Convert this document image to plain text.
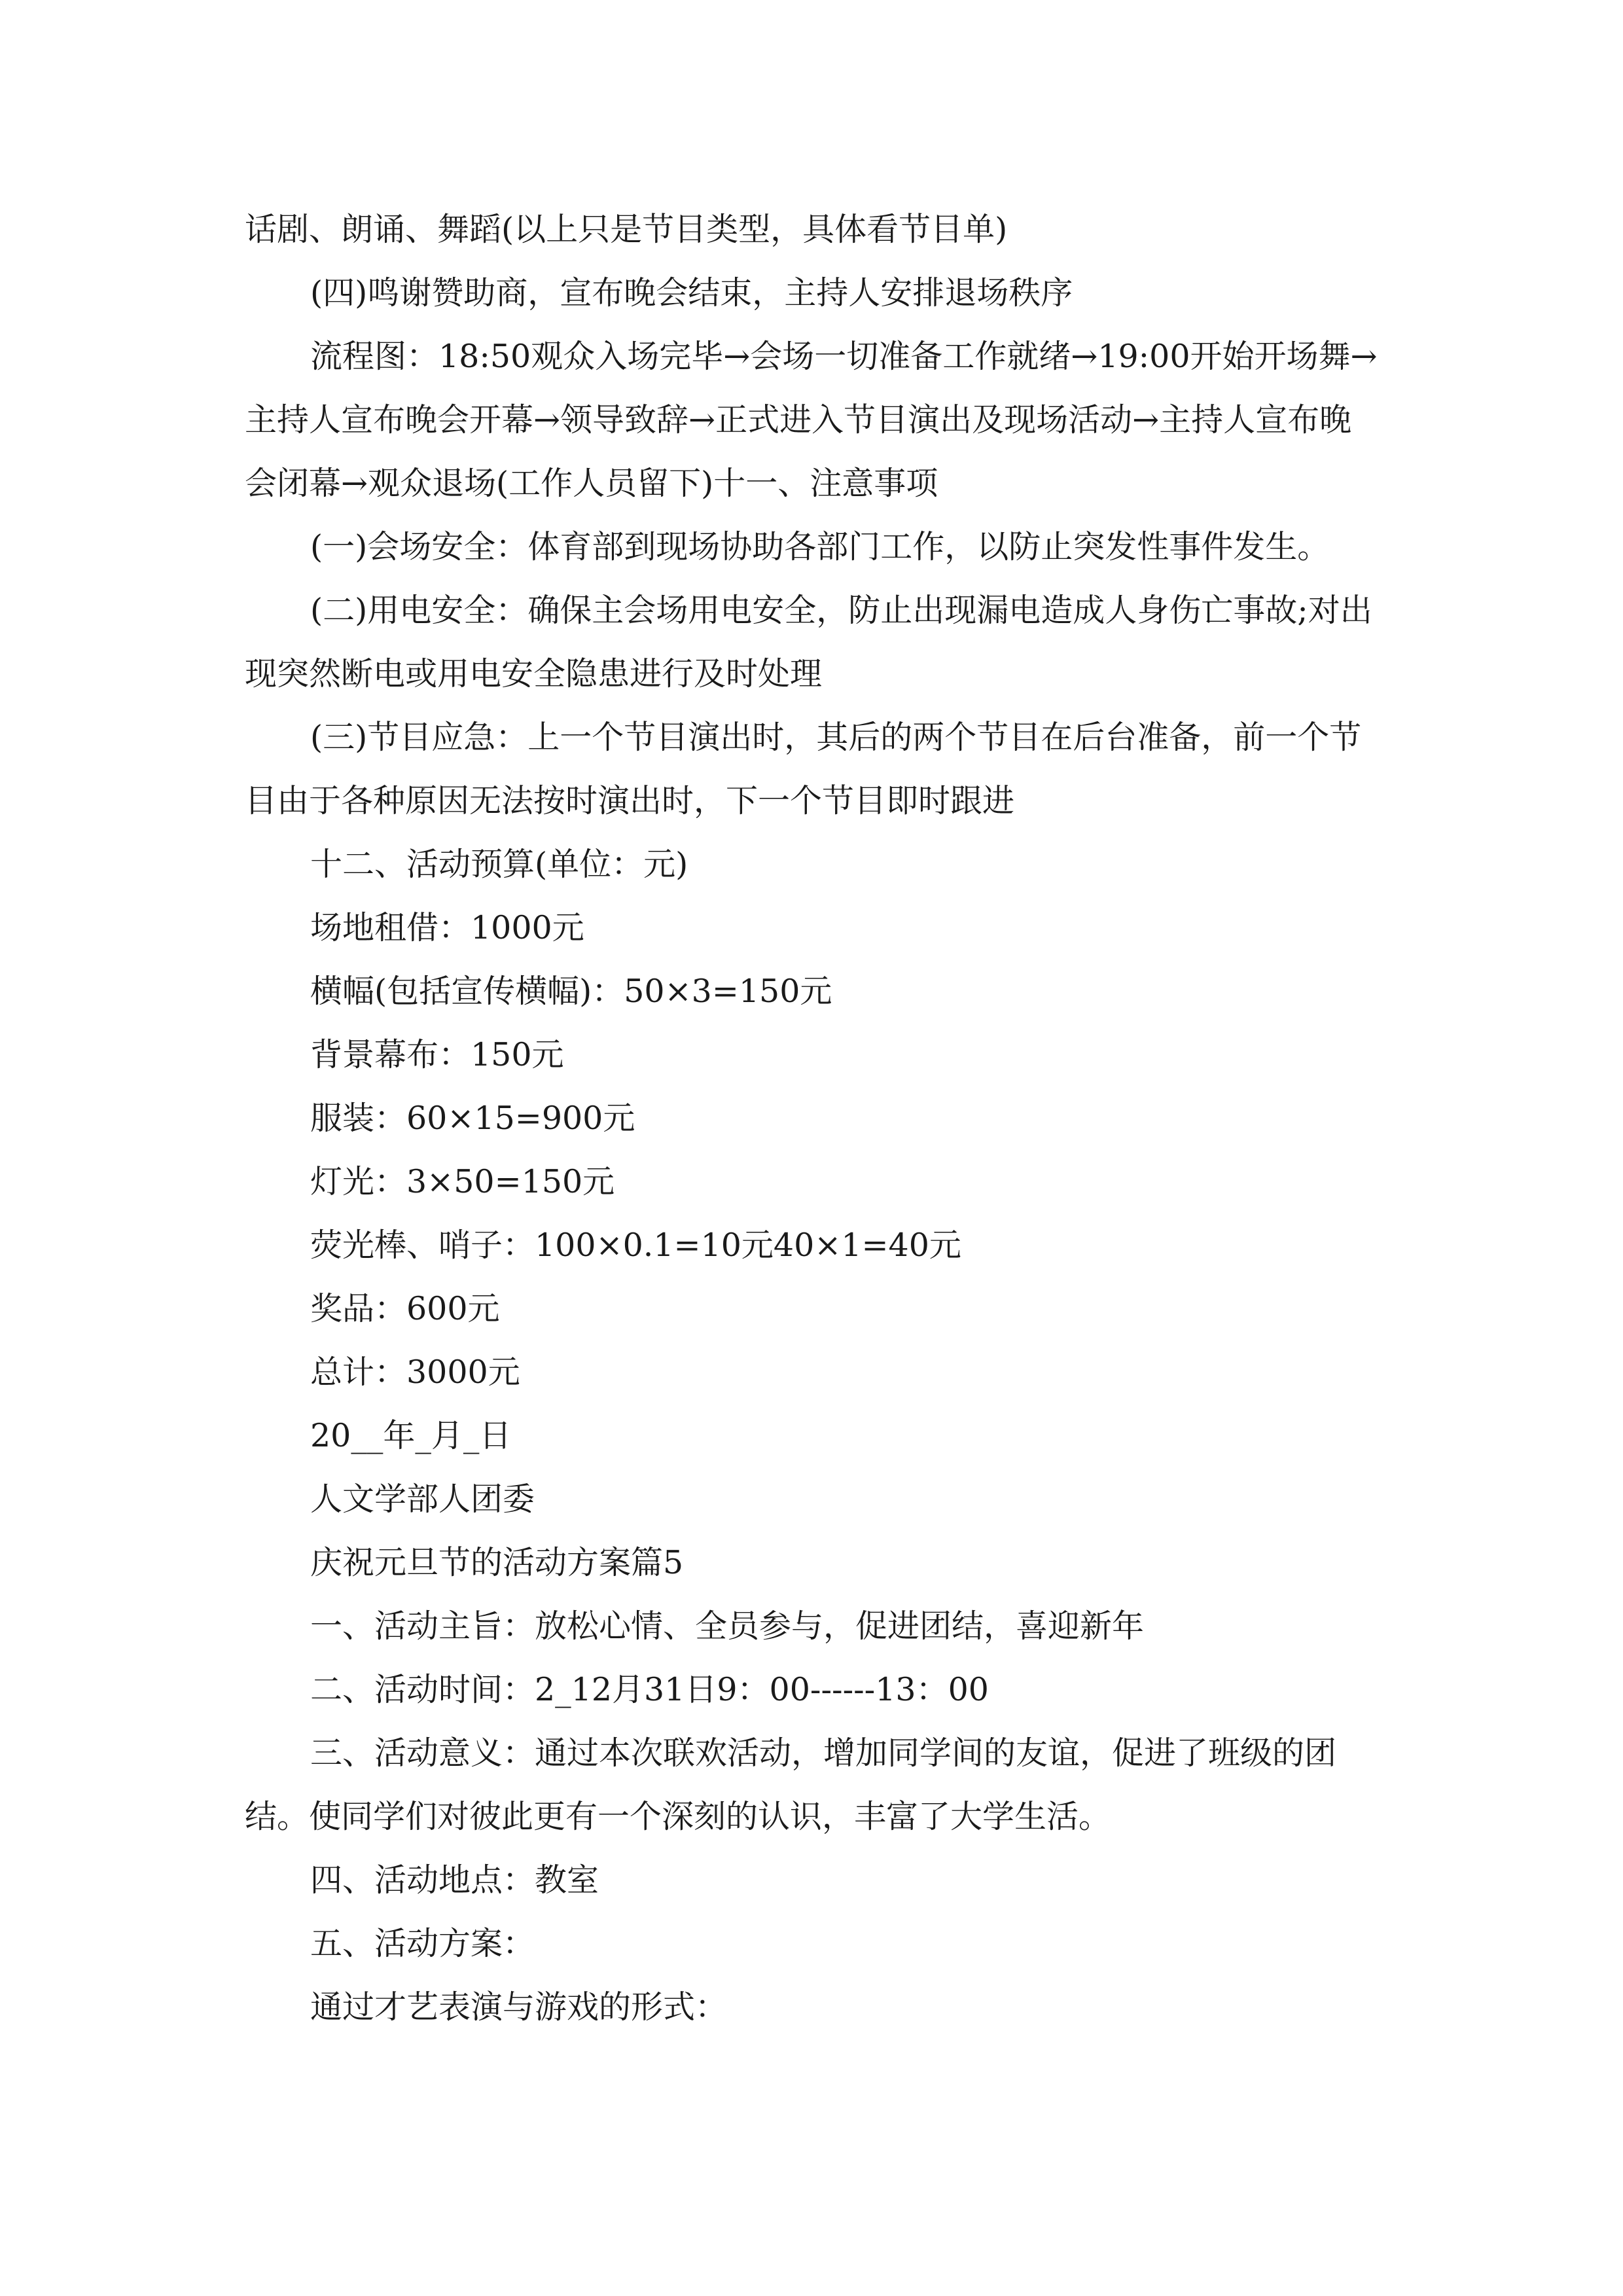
话剧、朗诵、舞蹈(以上只是节目类型，具体看节目单)

(四)鸣谢赞助商，宣布晚会结束，主持人安排退场秩序

流程图：18:50观众入场完毕→会场一切准备工作就绪→19:00开始开场舞→主持人宣布晚会开幕→领导致辞→正式进入节目演出及现场活动→主持人宣布晚会闭幕→观众退场(工作人员留下)十一、注意事项

(一)会场安全：体育部到现场协助各部门工作，以防止突发性事件发生。

(二)用电安全：确保主会场用电安全，防止出现漏电造成人身伤亡事故;对出现突然断电或用电安全隐患进行及时处理

(三)节目应急：上一个节目演出时，其后的两个节目在后台准备，前一个节目由于各种原因无法按时演出时，下一个节目即时跟进

十二、活动预算(单位：元)

场地租借：1000元

横幅(包括宣传横幅)：50×3=150元

背景幕布：150元

服装：60×15=900元

灯光：3×50=150元

荧光棒、哨子：100×0.1=10元40×1=40元

奖品：600元

总计：3000元

20__年_月_日

人文学部人团委

庆祝元旦节的活动方案篇5

一、活动主旨：放松心情、全员参与，促进团结，喜迎新年

二、活动时间：2_12月31日9：00------13：00

三、活动意义：通过本次联欢活动，增加同学间的友谊，促进了班级的团结。使同学们对彼此更有一个深刻的认识，丰富了大学生活。

四、活动地点：教室

五、活动方案：

通过才艺表演与游戏的形式：
